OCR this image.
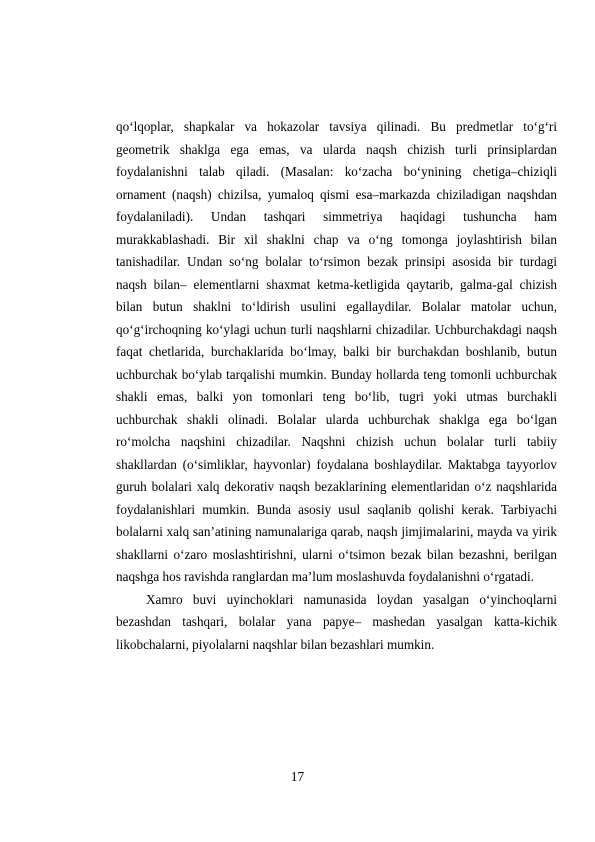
qo‘lqoplar, shapkalar va hokazolar tavsiya qilinadi. Bu predmetlar to‘g‘ri
geometrik shaklga ega emas, va ularda naqsh chizish turli prinsiplardan
foydalanishni talab qiladi. (Masalan: ko‘zacha bo‘ynining chetiga–chiziqli
ornament (naqsh) chizilsa, yumaloq qismi esa–markazda chiziladigan naqshdan
foydalaniladi). Undan tashqari simmetriya haqidagi tushuncha ham
murakkablashadi. Bir xil shaklni chap va o‘ng tomonga joylashtirish bilan
tanishadilar. Undan so‘ng bolalar to‘rsimon bezak prinsipi asosida bir turdagi
naqsh bilan– elementlarni shaxmat ketma-ketligida qaytarib, galma-gal chizish
bilan butun shaklni to‘ldirish usulini egallaydilar. Bolalar matolar uchun,
qo‘g‘irchoqning ko‘ylagi uchun turli naqshlarni chizadilar. Uchburchakdagi naqsh
faqat chetlarida, burchaklarida bo‘lmay, balki bir burchakdan boshlanib, butun
uchburchak bo‘ylab tarqalishi mumkin. Bunday hollarda teng tomonli uchburchak
shakli emas, balki yon tomonlari teng bo‘lib, tugri yoki utmas burchakli
uchburchak shakli olinadi. Bolalar ularda uchburchak shaklga ega bo‘lgan
ro‘molcha naqshini chizadilar. Naqshni chizish uchun bolalar turli tabiiy
shakllardan (o‘simliklar, hayvonlar) foydalana boshlaydilar. Maktabga tayyorlov
guruh bolalari xalq dekorativ naqsh bezaklarining elementlaridan o‘z naqshlarida
foydalanishlari mumkin. Bunda asosiy usul saqlanib qolishi kerak. Tarbiyachi
bolalarni xalq san’atining namunalariga qarab, naqsh jimjimalarini, mayda va yirik
shakllarni o‘zaro moslashtirishni, ularni o‘tsimon bezak bilan bezashni, berilgan
naqshga hos ravishda ranglardan ma’lum moslashuvda foydalanishni o‘rgatadi.
Xamro buvi uyinchoklari namunasida loydan yasalgan o‘yinchoqlarni
bezashdan tashqari, bolalar yana papye– mashedan yasalgan katta-kichik
likobchalarni, piyolalarni naqshlar bilan bezashlari mumkin.
17
